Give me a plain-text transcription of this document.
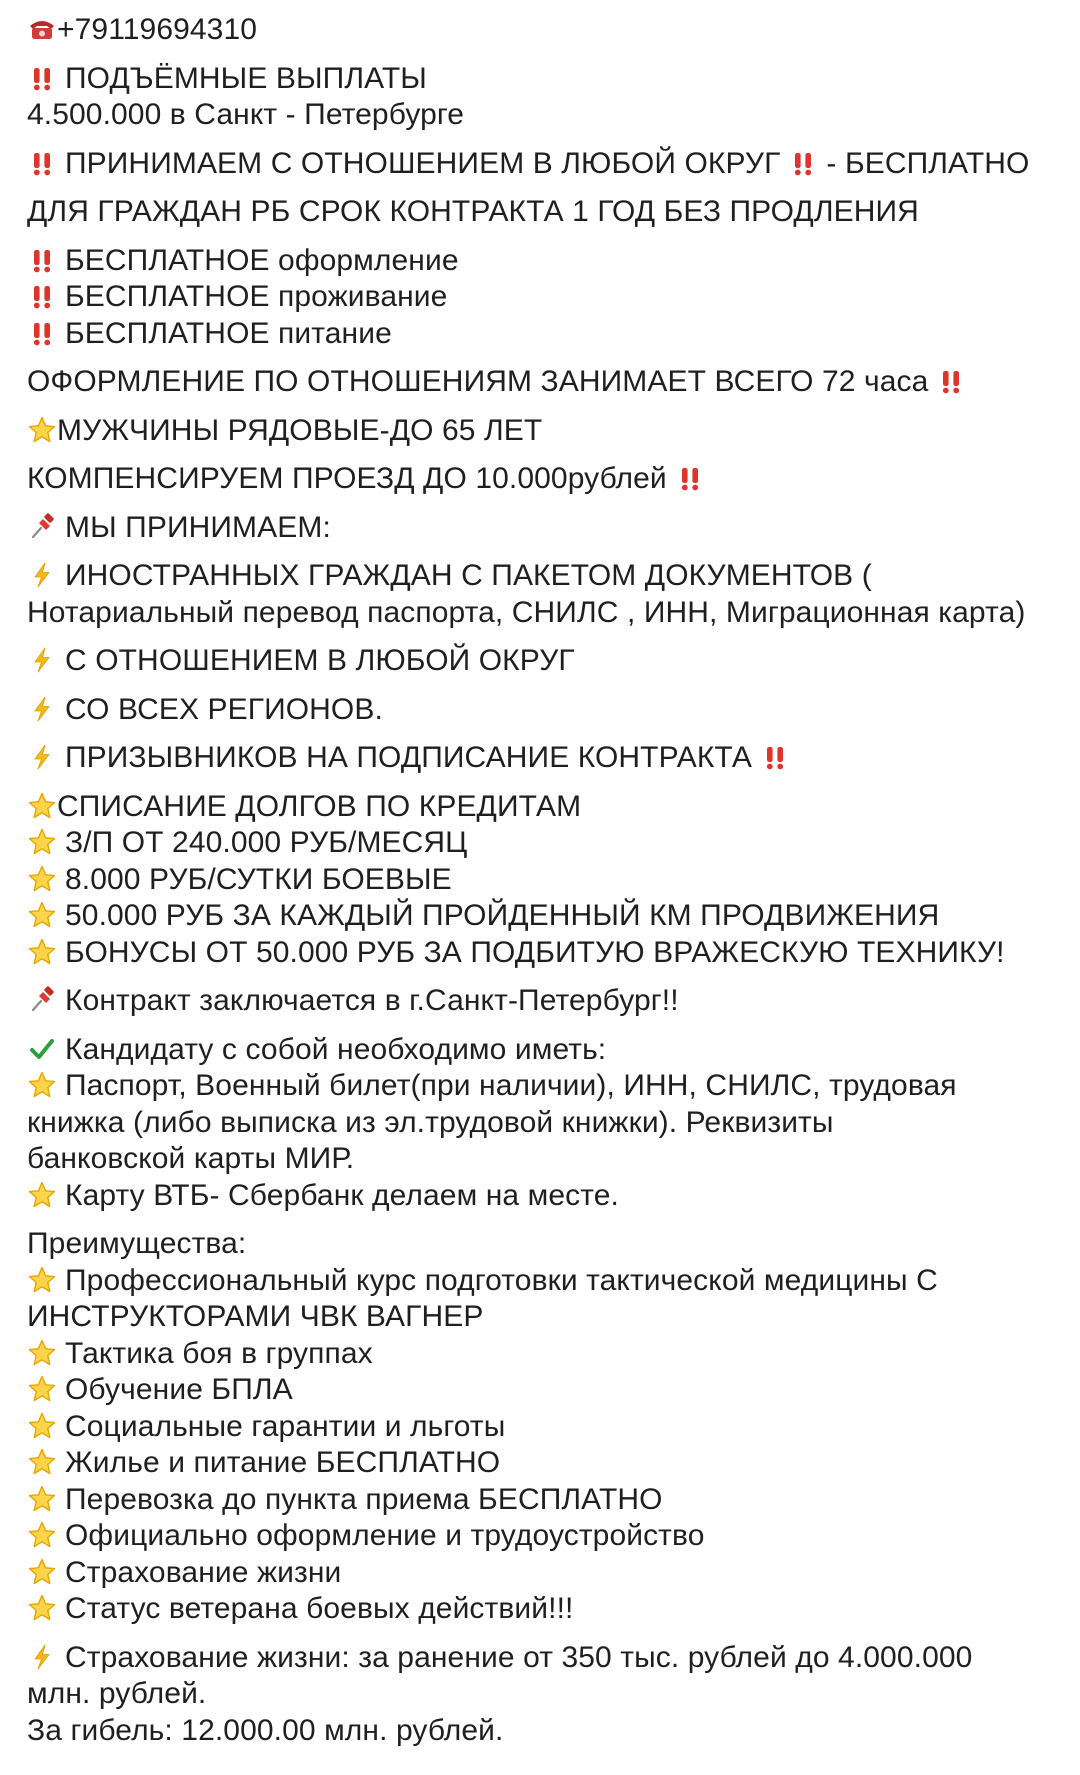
+79119694310
ПОДЪЁМНЫЕ ВЫПЛАТЫ
4.500.000 в Санкт - Петербурге
ПРИНИМАЕМ С ОТНОШЕНИЕМ В ЛЮБОЙ ОКРУГ - БЕСПЛАТНО
ДЛЯ ГРАЖДАН РБ СРОК КОНТРАКТА 1 ГОД БЕЗ ПРОДЛЕНИЯ
БЕСПЛАТНОЕ оформление
БЕСПЛАТНОЕ проживание
БЕСПЛАТНОЕ питание
ОФОРМЛЕНИЕ ПО ОТНОШЕНИЯМ ЗАНИМАЕТ ВСЕГО 72 часа
МУЖЧИНЫ РЯДОВЫЕ-ДО 65 ЛЕТ
КОМПЕНСИРУЕМ ПРОЕЗД ДО 10.000рублей
МЫ ПРИНИМАЕМ:
ИНОСТРАННЫХ ГРАЖДАН С ПАКЕТОМ ДОКУМЕНТОВ (
Нотариальный перевод паспорта, СНИЛС , ИНН, Миграционная карта)
С ОТНОШЕНИЕМ В ЛЮБОЙ ОКРУГ
СО ВСЕХ РЕГИОНОВ.
ПРИЗЫВНИКОВ НА ПОДПИСАНИЕ КОНТРАКТА
СПИСАНИЕ ДОЛГОВ ПО КРЕДИТАМ
З/П ОТ 240.000 РУБ/МЕСЯЦ
8.000 РУБ/СУТКИ БОЕВЫЕ
50.000 РУБ ЗА КАЖДЫЙ ПРОЙДЕННЫЙ КМ ПРОДВИЖЕНИЯ
БОНУСЫ ОТ 50.000 РУБ ЗА ПОДБИТУЮ ВРАЖЕСКУЮ ТЕХНИКУ!
Контракт заключается в г.Санкт-Петербург!!
Кандидату с собой необходимо иметь:
Паспорт, Военный билет(при наличии), ИНН, СНИЛС, трудовая
книжка (либо выписка из эл.трудовой книжки). Реквизиты
банковской карты МИР.
Карту ВТБ- Сбербанк делаем на месте.
Преимущества:
Профессиональный курс подготовки тактической медицины С
ИНСТРУКТОРАМИ ЧВК ВАГНЕР
Тактика боя в группах
Обучение БПЛА
Социальные гарантии и льготы
Жилье и питание БЕСПЛАТНО
Перевозка до пункта приема БЕСПЛАТНО
Официально оформление и трудоустройство
Страхование жизни
Статус ветерана боевых действий!!!
Страхование жизни: за ранение от 350 тыс. рублей до 4.000.000
млн. рублей.
За гибель: 12.000.00 млн. рублей.
